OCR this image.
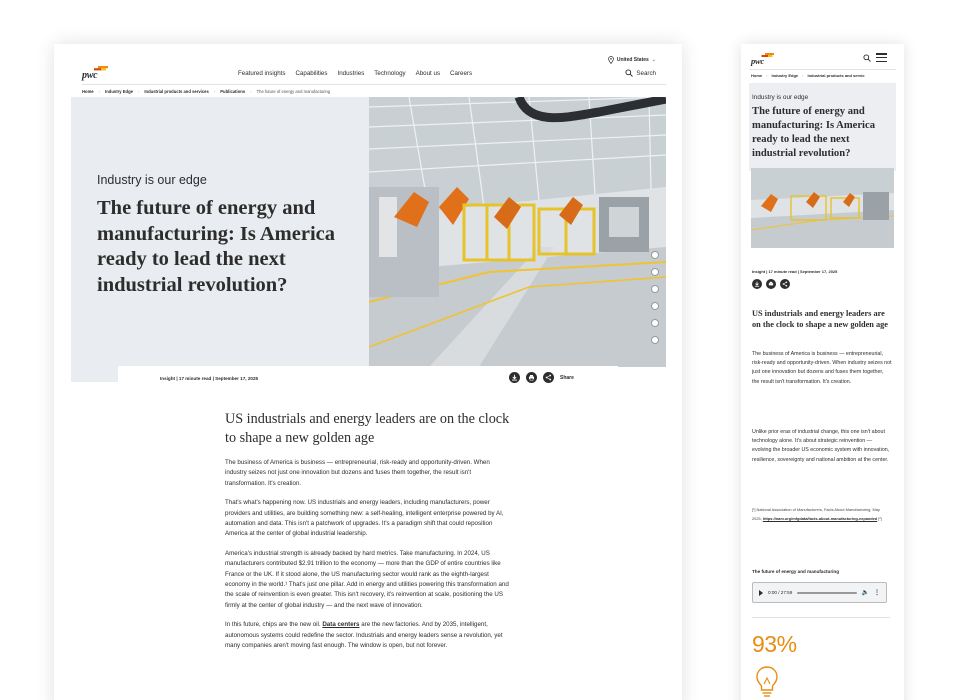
United States ⌄
pwc	Featured insights Capabilities Industries Technology About us Careers	Search
Home › Industry Edge › Industrial products and services › Publications › The future of energy and manufacturing
Industry is our edge
The future of energy and manufacturing: Is America ready to lead the next industrial revolution?
Insight | 17 minute read | September 17, 2025	Share
US industrials and energy leaders are on the clock to shape a new golden age

The business of America is business — entrepreneurial, risk-ready and opportunity-driven. When industry seizes not just one innovation but dozens and fuses them together, the result isn't transformation. It's creation.

That's what's happening now. US industrials and energy leaders, including manufacturers, power providers and utilities, are building something new: a self-healing, intelligent enterprise powered by AI, automation and data. This isn't a patchwork of upgrades. It's a paradigm shift that could reposition America at the center of global industrial leadership.

America's industrial strength is already backed by hard metrics. Take manufacturing. In 2024, US manufacturers contributed $2.91 trillion to the economy — more than the GDP of entire countries like France or the UK. If it stood alone, the US manufacturing sector would rank as the eighth-largest economy in the world.¹ That's just one pillar. Add in energy and utilities powering this transformation and the scale of reinvention is even greater. This isn't recovery, it's reinvention at scale, positioning the US firmly at the center of global industry — and the next wave of innovation.

In this future, chips are the new oil. Data centers are the new factories. And by 2035, intelligent, autonomous systems could redefine the sector. Industrials and energy leaders sense a revolution, yet many companies aren't moving fast enough. The window is open, but not forever.

pwc
Home › Industry Edge › Industrial products and servic
Industry is our edge
The future of energy and manufacturing: Is America ready to lead the next industrial revolution?
Insight | 17 minute read | September 17, 2025
US industrials and energy leaders are on the clock to shape a new golden age

The business of America is business — entrepreneurial, risk-ready and opportunity-driven. When industry seizes not just one innovation but dozens and fuses them together, the result isn't transformation. It's creation.

Unlike prior eras of industrial change, this one isn't about technology alone. It's about strategic reinvention — evolving the broader US economic system with innovation, resilience, sovereignty and national ambition at the center.

[¹] National Association of Manufacturers, Facts About Manufacturing, May 2025, https://nam.org/mfgdata/facts-about-manufacturing-expanded [²]

The future of energy and manufacturing
0:00 / 27:59	🔈 ⋮
93%
